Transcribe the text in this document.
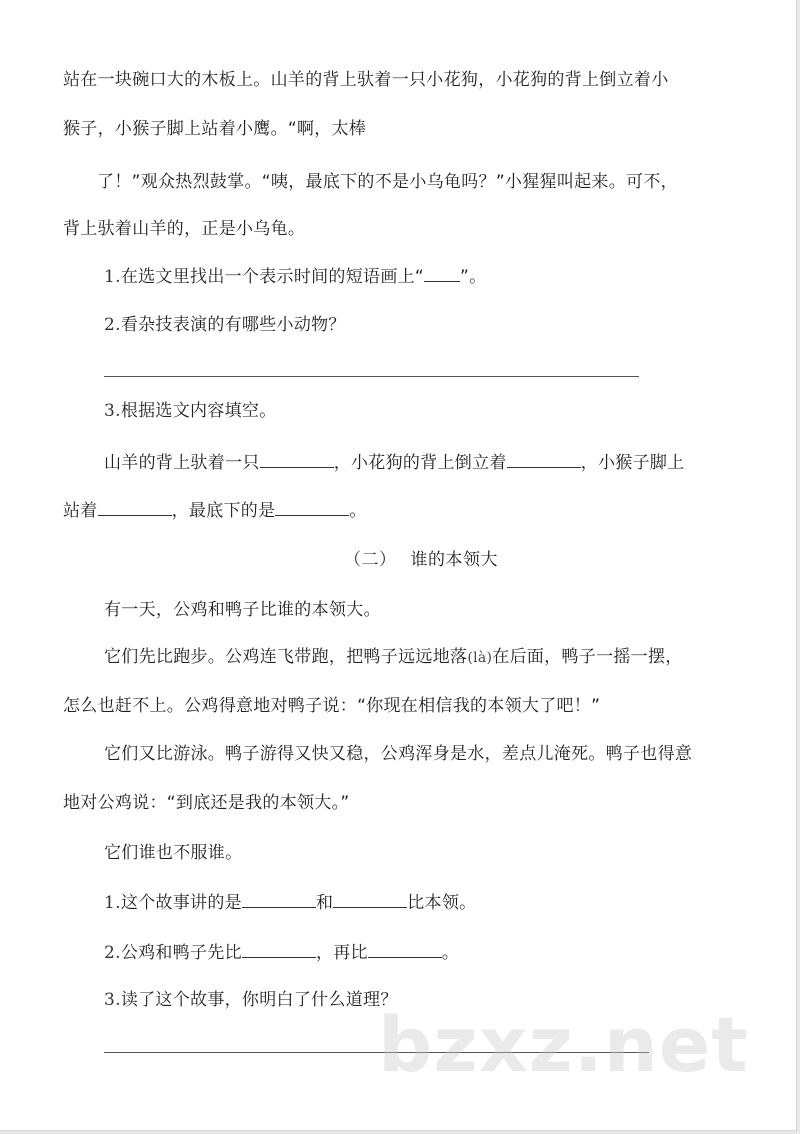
站在一块碗口大的木板上。山羊的背上驮着一只小花狗，小花狗的背上倒立着小
猴子，小猴子脚上站着小鹰。“啊，太棒
了！”观众热烈鼓掌。“咦，最底下的不是小乌龟吗？”小猩猩叫起来。可不，
背上驮着山羊的，正是小乌龟。
1.在选文里找出一个表示时间的短语画上“ ”。
2.看杂技表演的有哪些小动物？
3.根据选文内容填空。
山羊的背上驮着一只	，小花狗的背上倒立着	，小猴子脚上
站着	，最底下的是	。
（二） 谁的本领大
有一天，公鸡和鸭子比谁的本领大。
它们先比跑步。公鸡连飞带跑，把鸭子远远地落(là)在后面，鸭子一摇一摆，
怎么也赶不上。公鸡得意地对鸭子说：“你现在相信我的本领大了吧！”
它们又比游泳。鸭子游得又快又稳，公鸡浑身是水，差点儿淹死。鸭子也得意
地对公鸡说：“到底还是我的本领大。”
它们谁也不服谁。
1.这个故事讲的是	和	比本领。
2.公鸡和鸭子先比	，再比	。
3.读了这个故事，你明白了什么道理？
bzxz.net
